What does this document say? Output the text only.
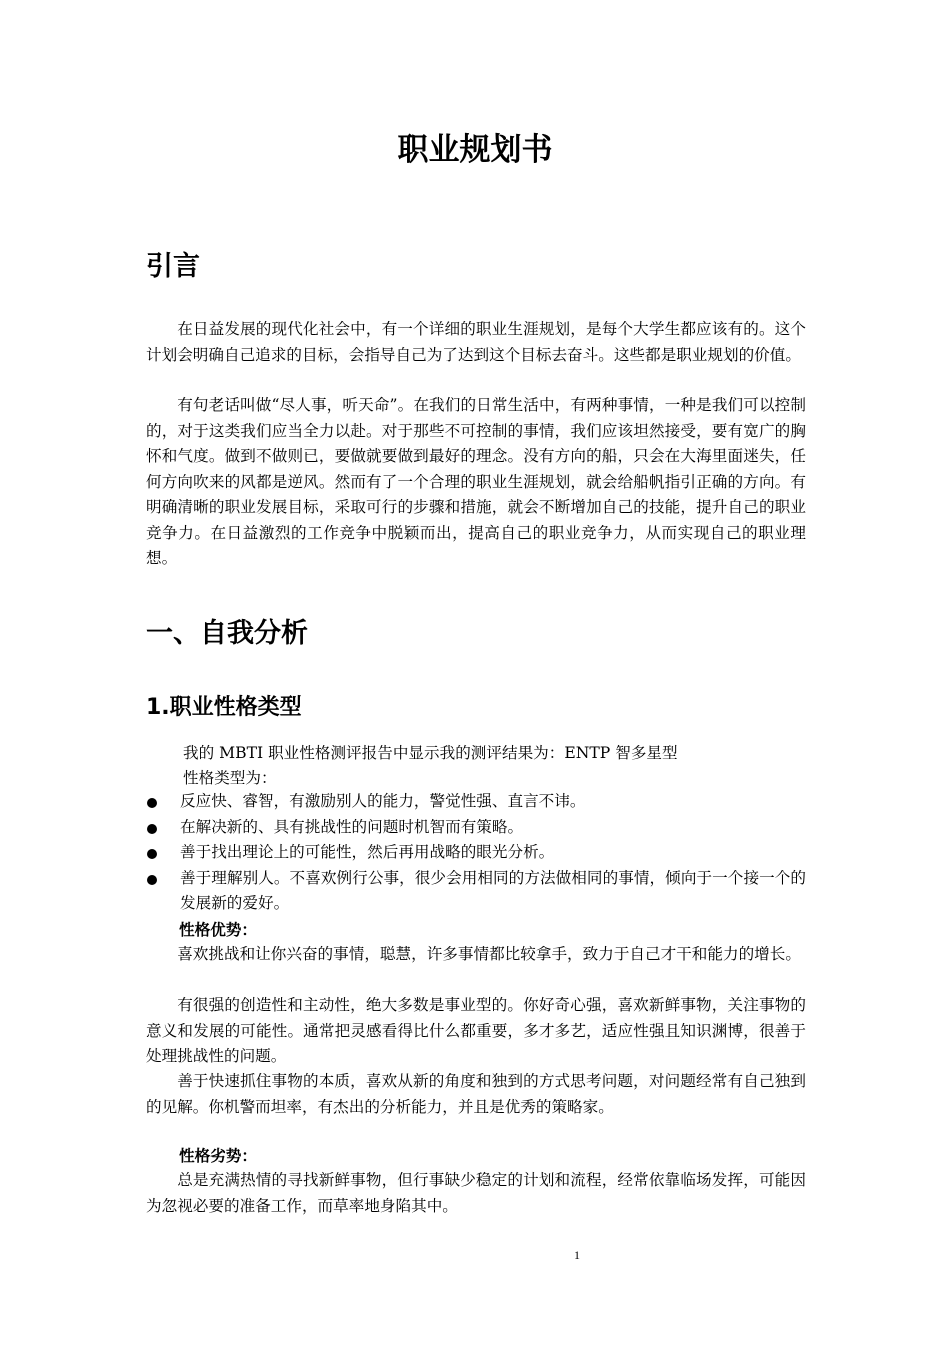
职业规划书
引言

在日益发展的现代化社会中，有一个详细的职业生涯规划，是每个大学生都应该有的。这个计划会明确自己追求的目标，会指导自己为了达到这个目标去奋斗。这些都是职业规划的价值。

有句老话叫做“尽人事，听天命”。在我们的日常生活中，有两种事情，一种是我们可以控制的，对于这类我们应当全力以赴。对于那些不可控制的事情，我们应该坦然接受，要有宽广的胸怀和气度。做到不做则已，要做就要做到最好的理念。没有方向的船，只会在大海里面迷失，任何方向吹来的风都是逆风。然而有了一个合理的职业生涯规划，就会给船帆指引正确的方向。有明确清晰的职业发展目标，采取可行的步骤和措施，就会不断增加自己的技能，提升自己的职业竞争力。在日益激烈的工作竞争中脱颖而出，提高自己的职业竞争力，从而实现自己的职业理想。

一、自我分析
1.职业性格类型
我的 MBTI 职业性格测评报告中显示我的测评结果为：ENTP 智多星型
性格类型为：
反应快、睿智，有激励别人的能力，警觉性强、直言不讳。
在解决新的、具有挑战性的问题时机智而有策略。
善于找出理论上的可能性，然后再用战略的眼光分析。
善于理解别人。不喜欢例行公事，很少会用相同的方法做相同的事情，倾向于一个接一个的发展新的爱好。
性格优势：

喜欢挑战和让你兴奋的事情，聪慧，许多事情都比较拿手，致力于自己才干和能力的增长。

有很强的创造性和主动性，绝大多数是事业型的。你好奇心强，喜欢新鲜事物，关注事物的意义和发展的可能性。通常把灵感看得比什么都重要，多才多艺，适应性强且知识渊博，很善于处理挑战性的问题。

善于快速抓住事物的本质，喜欢从新的角度和独到的方式思考问题，对问题经常有自己独到的见解。你机警而坦率，有杰出的分析能力，并且是优秀的策略家。

性格劣势：

总是充满热情的寻找新鲜事物，但行事缺少稳定的计划和流程，经常依靠临场发挥，可能因为忽视必要的准备工作，而草率地身陷其中。

1
